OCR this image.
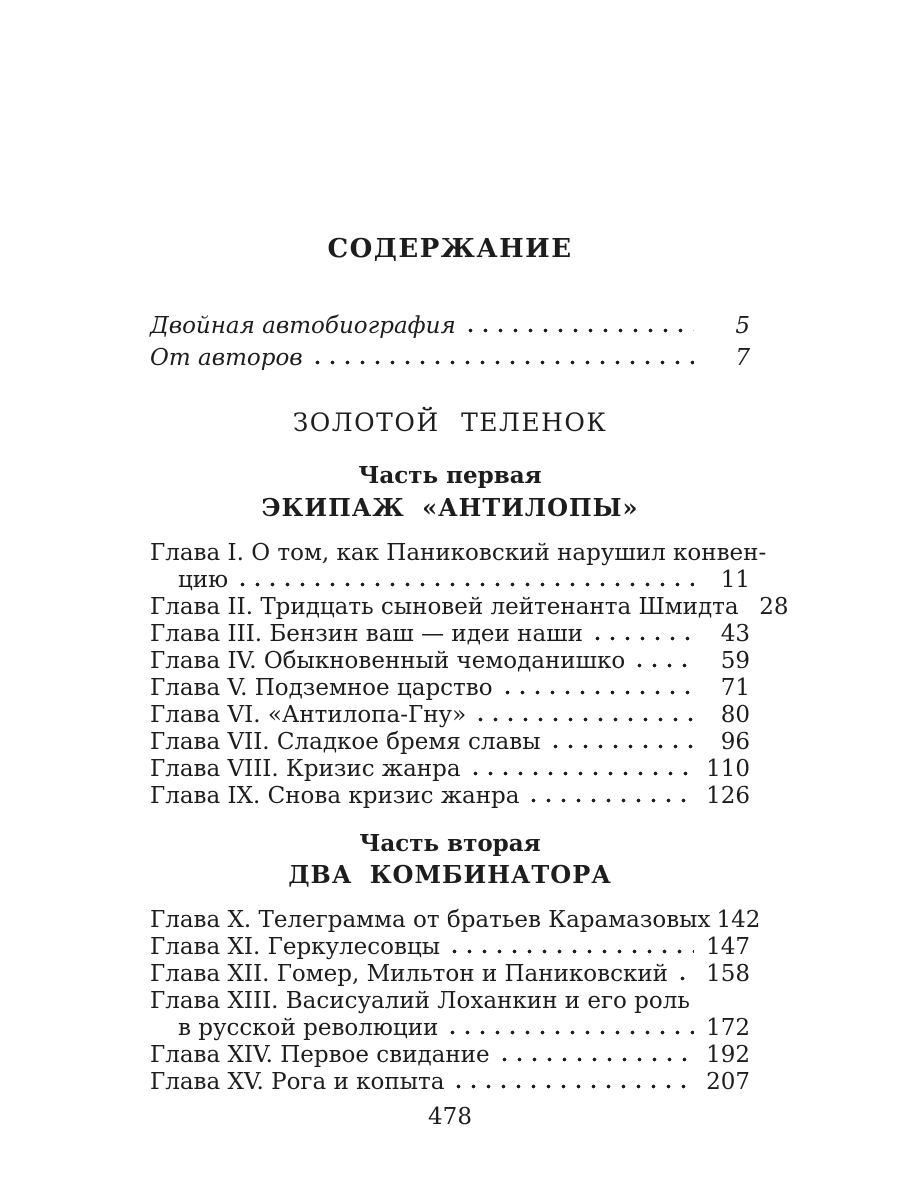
СОДЕРЖАНИЕ
Двойная автобиография	5
От авторов	7
ЗОЛОТОЙ ТЕЛЕНОК
Часть первая
ЭКИПАЖ «АНТИЛОПЫ»
Глава I. О том, как Паниковский нарушил конвен-
цию	11
Глава II. Тридцать сыновей лейтенанта Шмидта 28
Глава III. Бензин ваш — идеи наши	43
Глава IV. Обыкновенный чемоданишко	59
Глава V. Подземное царство	71
Глава VI. «Антилопа-Гну»	80
Глава VII. Сладкое бремя славы	96
Глава VIII. Кризис жанра	110
Глава IX. Снова кризис жанра	126
Часть вторая
ДВА КОМБИНАТОРА
Глава X. Телеграмма от братьев Карамазовых 142
Глава XI. Геркулесовцы	147
Глава XII. Гомер, Мильтон и Паниковский 158
Глава XIII. Васисуалий Лоханкин и его роль
в русской революции	172
Глава XIV. Первое свидание	192
Глава XV. Рога и копыта	207
478
